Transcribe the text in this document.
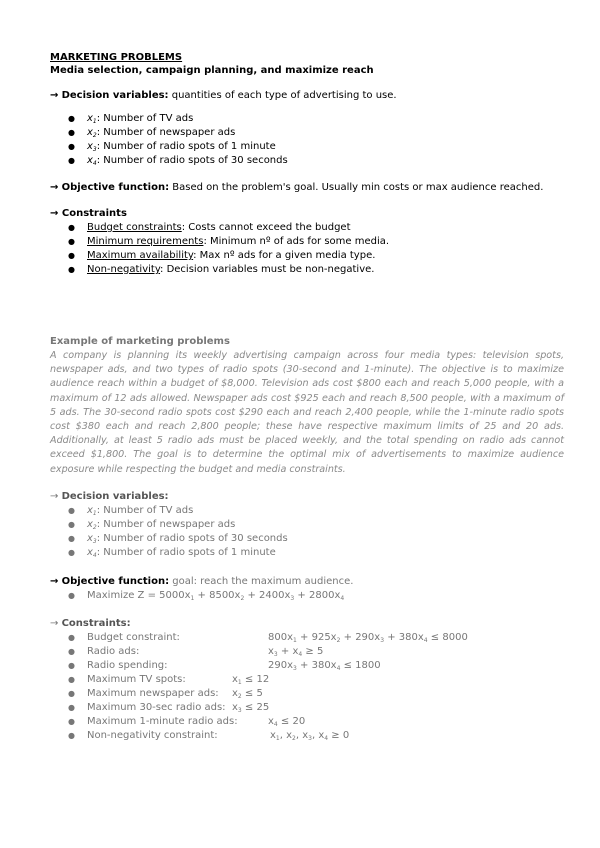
MARKETING PROBLEMS
Media selection, campaign planning, and maximize reach
→ Decision variables: quantities of each type of advertising to use.
● $x_1$: Number of TV ads
● $x_2$: Number of newspaper ads
● $x_3$: Number of radio spots of 1 minute
● $x_4$: Number of radio spots of 30 seconds
→ Objective function: Based on the problem's goal. Usually min costs or max audience reached.
→ Constraints
● Budget constraints: Costs cannot exceed the budget
● Minimum requirements: Minimum nº of ads for some media.
● Maximum availability: Max nº ads for a given media type.
● Non-negativity: Decision variables must be non-negative.
Example of marketing problems
A company is planning its weekly advertising campaign across four media types: television spots, newspaper ads, and two types of radio spots (30-second and 1-minute). The objective is to maximize audience reach within a budget of $8,000. Television ads cost $800 each and reach 5,000 people, with a maximum of 12 ads allowed. Newspaper ads cost $925 each and reach 8,500 people, with a maximum of 5 ads. The 30-second radio spots cost $290 each and reach 2,400 people, while the 1-minute radio spots cost $380 each and reach 2,800 people; these have respective maximum limits of 25 and 20 ads. Additionally, at least 5 radio ads must be placed weekly, and the total spending on radio ads cannot exceed $1,800. The goal is to determine the optimal mix of advertisements to maximize audience exposure while respecting the budget and media constraints.
→ Decision variables:
● $x_1$: Number of TV ads
● $x_2$: Number of newspaper ads
● $x_3$: Number of radio spots of 30 seconds
● $x_4$: Number of radio spots of 1 minute
→ Objective function: goal: reach the maximum audience.
● Maximize $Z = 5000x_1 + 8500x_2 + 2400x_3 + 2800x_4$
→ Constraints:
● Budget constraint:	$800x_1 + 925x_2 + 290x_3 + 380x_4 \le 8000$
● Radio ads:	$x_3 + x_4 \ge 5$
● Radio spending:	$290x_3 + 380x_4 \le 1800$
● Maximum TV spots:	$x_1 \le 12$
● Maximum newspaper ads: $x_2 \le 5$
● Maximum 30-sec radio ads: $x_3 \le 25$
● Maximum 1-minute radio ads:	$x_4 \le 20$
● Non-negativity constraint:	$x_1$, $x_2$, $x_3$, $x_4 \ge 0$
